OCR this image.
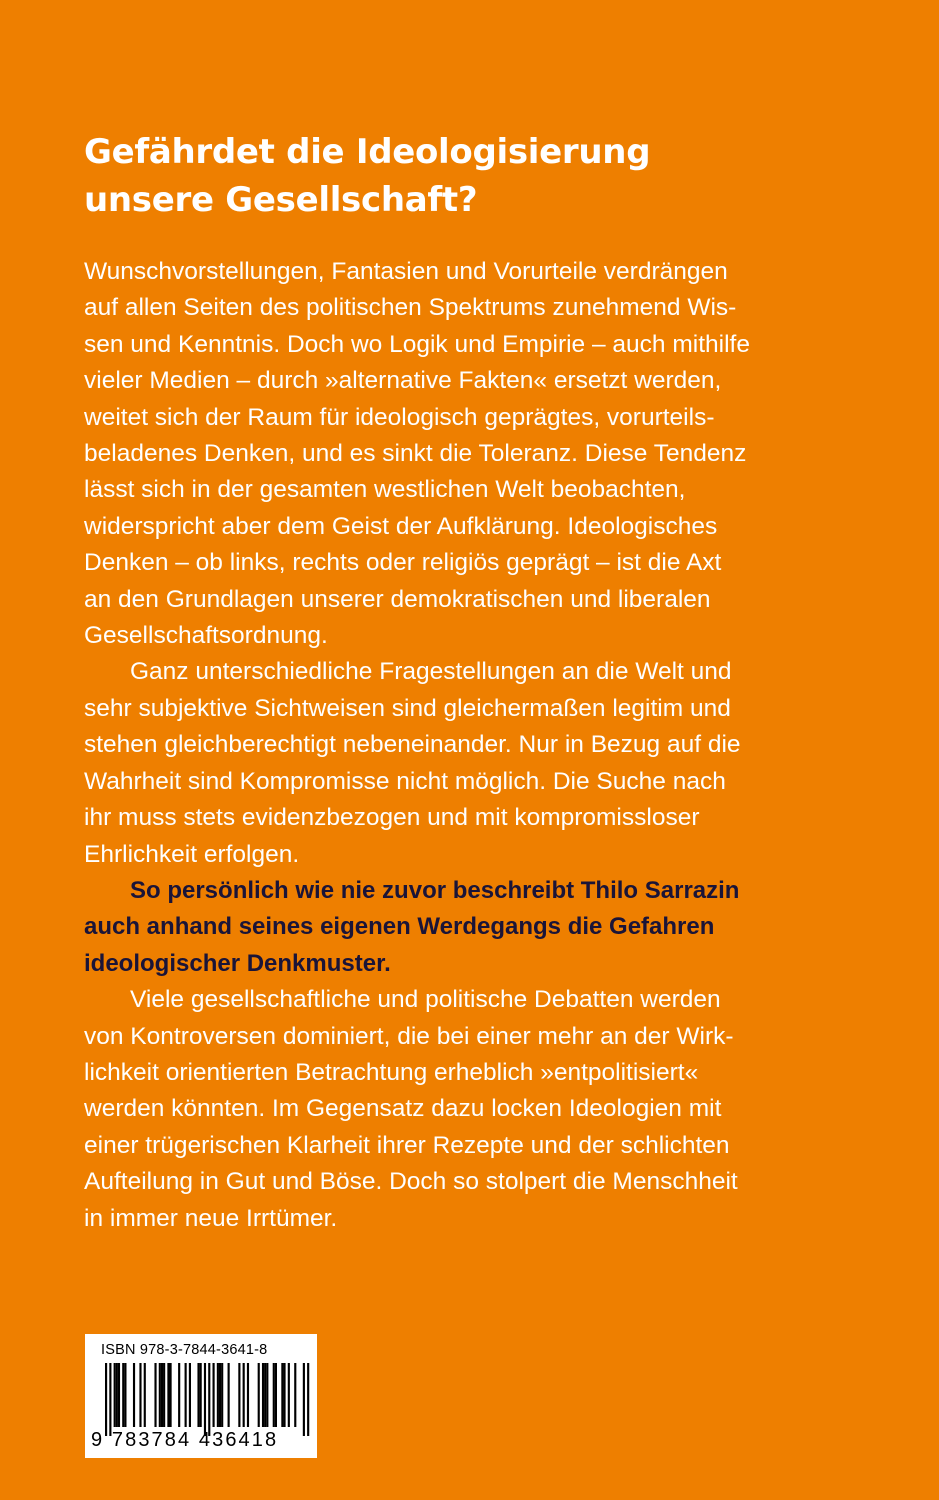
Gefährdet die Ideologisierung
unsere Gesellschaft?

Wunschvorstellungen, Fantasien und Vorurteile verdrängen
auf allen Seiten des politischen Spektrums zunehmend Wis-
sen und Kenntnis. Doch wo Logik und Empirie – auch mithilfe
vieler Medien – durch »alternative Fakten« ersetzt werden,
weitet sich der Raum für ideologisch geprägtes, vorurteils-
beladenes Denken, und es sinkt die Toleranz. Diese Tendenz
lässt sich in der gesamten westlichen Welt beobachten,
widerspricht aber dem Geist der Aufklärung. Ideologisches
Denken – ob links, rechts oder religiös geprägt – ist die Axt
an den Grundlagen unserer demokratischen und liberalen
Gesellschaftsordnung.

Ganz unterschiedliche Fragestellungen an die Welt und
sehr subjektive Sichtweisen sind gleichermaßen legitim und
stehen gleichberechtigt nebeneinander. Nur in Bezug auf die
Wahrheit sind Kompromisse nicht möglich. Die Suche nach
ihr muss stets evidenzbezogen und mit kompromissloser
Ehrlichkeit erfolgen.

So persönlich wie nie zuvor beschreibt Thilo Sarrazin
auch anhand seines eigenen Werdegangs die Gefahren
ideologischer Denkmuster.

Viele gesellschaftliche und politische Debatten werden
von Kontroversen dominiert, die bei einer mehr an der Wirk-
lichkeit orientierten Betrachtung erheblich »entpolitisiert«
werden könnten. Im Gegensatz dazu locken Ideologien mit
einer trügerischen Klarheit ihrer Rezepte und der schlichten
Aufteilung in Gut und Böse. Doch so stolpert die Menschheit
in immer neue Irrtümer.

ISBN 978-3-7844-3641-8
9 783784 436418
